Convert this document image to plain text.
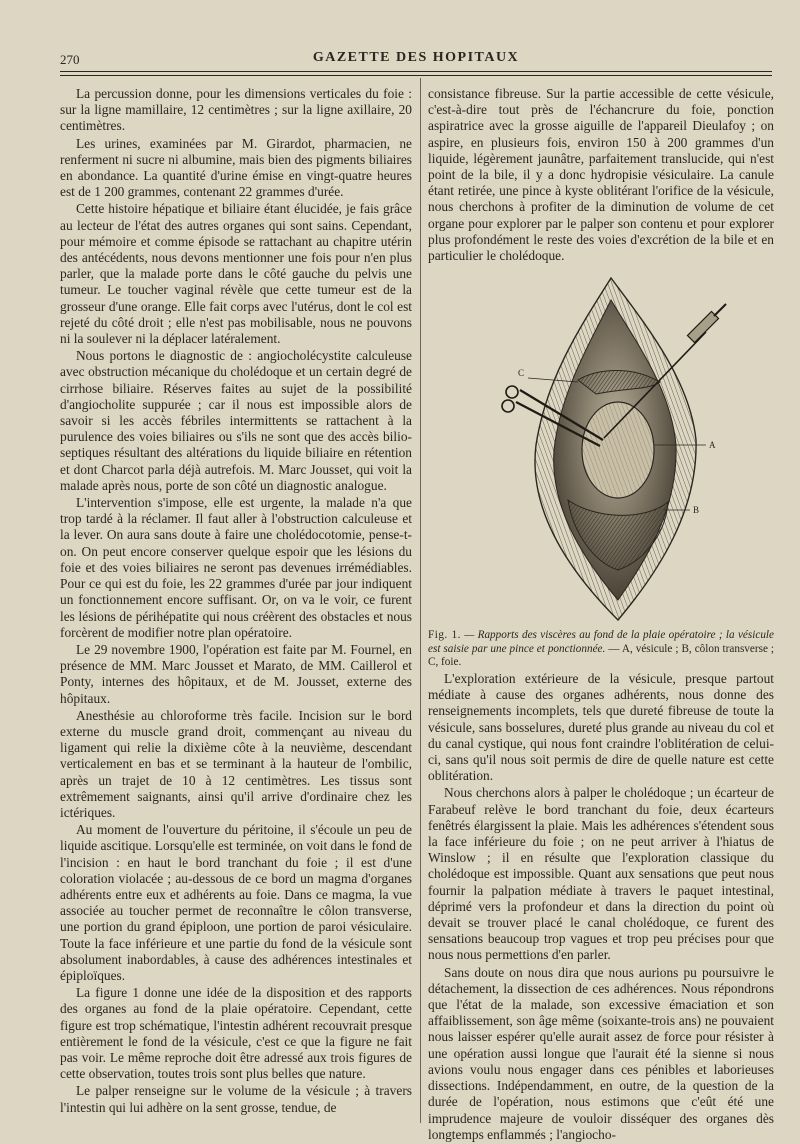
270	GAZETTE DES HOPITAUX

La percussion donne, pour les dimensions verticales du foie : sur la ligne mamillaire, 12 centimètres ; sur la ligne axillaire, 20 centimètres.

Les urines, examinées par M. Girardot, pharmacien, ne renferment ni sucre ni albumine, mais bien des pigments biliaires en abondance. La quantité d'urine émise en vingt-quatre heures est de 1 200 grammes, contenant 22 grammes d'urée.

Cette histoire hépatique et biliaire étant élucidée, je fais grâce au lecteur de l'état des autres organes qui sont sains. Cependant, pour mémoire et comme épisode se rattachant au chapitre utérin des antécédents, nous devons mentionner une fois pour n'en plus parler, que la malade porte dans le côté gauche du pelvis une tumeur. Le toucher vaginal révèle que cette tumeur est de la grosseur d'une orange. Elle fait corps avec l'utérus, dont le col est rejeté du côté droit ; elle n'est pas mobilisable, nous ne pouvons ni la soulever ni la déplacer latéralement.

Nous portons le diagnostic de : angiocholécystite calculeuse avec obstruction mécanique du cholédoque et un certain degré de cirrhose biliaire. Réserves faites au sujet de la possibilité d'angiocholite suppurée ; car il nous est impossible alors de savoir si les accès fébriles intermittents se rattachent à la purulence des voies biliaires ou s'ils ne sont que des accès bilio-septiques résultant des altérations du liquide biliaire en rétention et dont Charcot parla déjà autrefois. M. Marc Jousset, qui voit la malade après nous, porte de son côté un diagnostic analogue.

L'intervention s'impose, elle est urgente, la malade n'a que trop tardé à la réclamer. Il faut aller à l'obstruction calculeuse et la lever. On aura sans doute à faire une cholédocotomie, pense-t-on. On peut encore conserver quelque espoir que les lésions du foie et des voies biliaires ne seront pas devenues irrémédiables. Pour ce qui est du foie, les 22 grammes d'urée par jour indiquent un fonctionnement encore suffisant. Or, on va le voir, ce furent les lésions de périhépatite qui nous créèrent des obstacles et nous forcèrent de modifier notre plan opératoire.

Le 29 novembre 1900, l'opération est faite par M. Fournel, en présence de MM. Marc Jousset et Marato, de MM. Caillerol et Ponty, internes des hôpitaux, et de M. Jousset, externe des hôpitaux.

Anesthésie au chloroforme très facile. Incision sur le bord externe du muscle grand droit, commençant au niveau du ligament qui relie la dixième côte à la neuvième, descendant verticalement en bas et se terminant à la hauteur de l'ombilic, après un trajet de 10 à 12 centimètres. Les tissus sont extrêmement saignants, ainsi qu'il arrive d'ordinaire chez les ictériques.

Au moment de l'ouverture du péritoine, il s'écoule un peu de liquide ascitique. Lorsqu'elle est terminée, on voit dans le fond de l'incision : en haut le bord tranchant du foie ; il est d'une coloration violacée ; au-dessous de ce bord un magma d'organes adhérents entre eux et adhérents au foie. Dans ce magma, la vue associée au toucher permet de reconnaître le côlon transverse, une portion du grand épiploon, une portion de paroi vésiculaire. Toute la face inférieure et une partie du fond de la vésicule sont absolument inabordables, à cause des adhérences intestinales et épiploïques.

La figure 1 donne une idée de la disposition et des rapports des organes au fond de la plaie opératoire. Cependant, cette figure est trop schématique, l'intestin adhérent recouvrait presque entièrement le fond de la vésicule, c'est ce que la figure ne fait pas voir. Le même reproche doit être adressé aux trois figures de cette observation, toutes trois sont plus belles que nature.

Le palper renseigne sur le volume de la vésicule ; à travers l'intestin qui lui adhère on la sent grosse, tendue, de

consistance fibreuse. Sur la partie accessible de cette vésicule, c'est-à-dire tout près de l'échancrure du foie, ponction aspiratrice avec la grosse aiguille de l'appareil Dieulafoy ; on aspire, en plusieurs fois, environ 150 à 200 grammes d'un liquide, légèrement jaunâtre, parfaitement translucide, qui n'est point de la bile, il y a donc hydropisie vésiculaire. La canule étant retirée, une pince à kyste oblitérant l'orifice de la vésicule, nous cherchons à profiter de la diminution de volume de cet organe pour explorer par le palper son contenu et pour explorer plus profondément le reste des voies d'excrétion de la bile et en particulier le cholédoque.

C
A
B

Fig. 1. — Rapports des viscères au fond de la plaie opératoire ; la vésicule est saisie par une pince et ponctionnée. — A, vésicule ; B, côlon transverse ; C, foie.

L'exploration extérieure de la vésicule, presque partout médiate à cause des organes adhérents, nous donne des renseignements incomplets, tels que dureté fibreuse de toute la vésicule, sans bosselures, dureté plus grande au niveau du col et du canal cystique, qui nous font craindre l'oblitération de celui-ci, sans qu'il nous soit permis de dire de quelle nature est cette oblitération.

Nous cherchons alors à palper le cholédoque ; un écarteur de Farabeuf relève le bord tranchant du foie, deux écarteurs fenêtrés élargissent la plaie. Mais les adhérences s'étendent sous la face inférieure du foie ; on ne peut arriver à l'hiatus de Winslow ; il en résulte que l'exploration classique du cholédoque est impossible. Quant aux sensations que peut nous fournir la palpation médiate à travers le paquet intestinal, déprimé vers la profondeur et dans la direction du point où devait se trouver placé le canal cholédoque, ce furent des sensations beaucoup trop vagues et trop peu précises pour que nous nous permettions d'en parler.

Sans doute on nous dira que nous aurions pu poursuivre le détachement, la dissection de ces adhérences. Nous répondrons que l'état de la malade, son excessive émaciation et son affaiblissement, son âge même (soixante-trois ans) ne pouvaient nous laisser espérer qu'elle aurait assez de force pour résister à une opération aussi longue que l'aurait été la sienne si nous avions voulu nous engager dans ces pénibles et laborieuses dissections. Indépendamment, en outre, de la question de la durée de l'opération, nous estimons que c'eût été une imprudence majeure de vouloir disséquer des organes dès longtemps enflammés ; l'angiocho-
